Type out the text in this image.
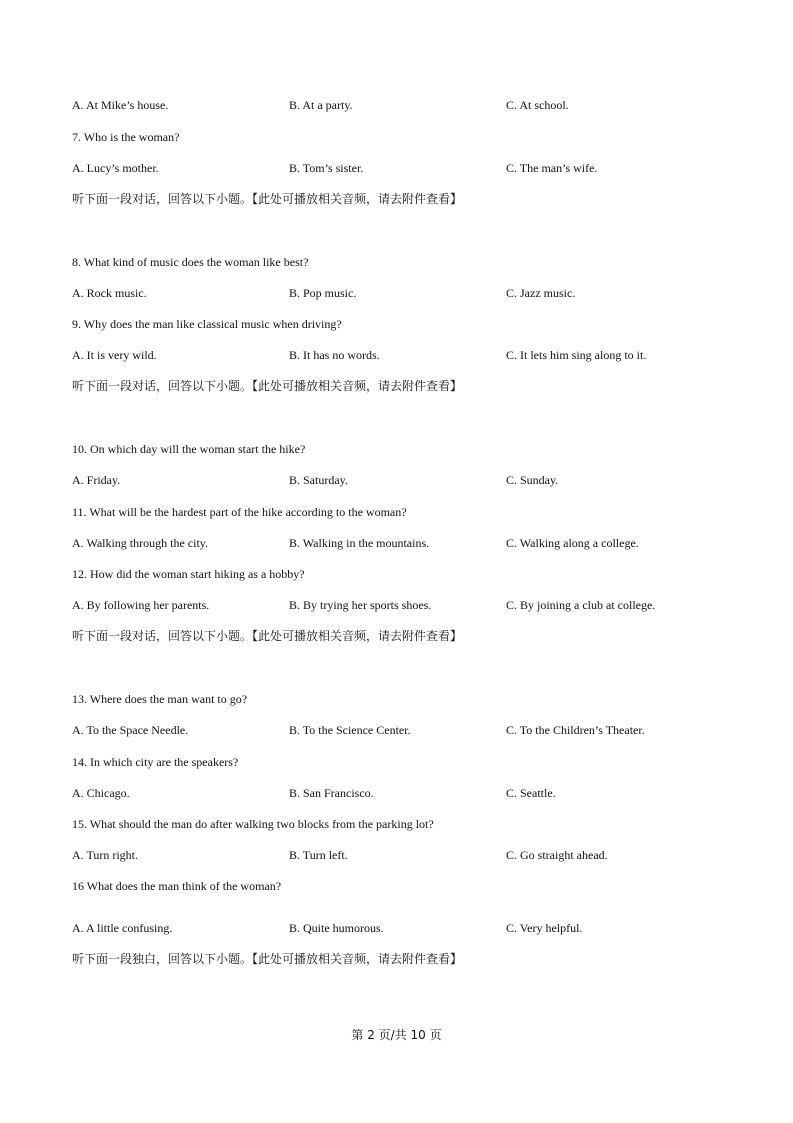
A. At Mike’s house.	B. At a party.	C. At school.
7. Who is the woman?
A. Lucy’s mother.	B. Tom’s sister.	C. The man’s wife.
听下面一段对话，回答以下小题。【此处可播放相关音频，请去附件查看】
8. What kind of music does the woman like best?
A. Rock music.	B. Pop music.	C. Jazz music.
9. Why does the man like classical music when driving?
A. It is very wild.	B. It has no words.	C. It lets him sing along to it.
听下面一段对话，回答以下小题。【此处可播放相关音频，请去附件查看】
10. On which day will the woman start the hike?
A. Friday.	B. Saturday.	C. Sunday.
11. What will be the hardest part of the hike according to the woman?
A. Walking through the city.	B. Walking in the mountains.	C. Walking along a college.
12. How did the woman start hiking as a hobby?
A. By following her parents.	B. By trying her sports shoes.	C. By joining a club at college.
听下面一段对话，回答以下小题。【此处可播放相关音频，请去附件查看】
13. Where does the man want to go?
A. To the Space Needle.	B. To the Science Center.	C. To the Children’s Theater.
14. In which city are the speakers?
A. Chicago.	B. San Francisco.	C. Seattle.
15. What should the man do after walking two blocks from the parking lot?
A. Turn right.	B. Turn left.	C. Go straight ahead.
16 What does the man think of the woman?
A. A little confusing.	B. Quite humorous.	C. Very helpful.
听下面一段独白，回答以下小题。【此处可播放相关音频，请去附件查看】
第 2 页/共 10 页
